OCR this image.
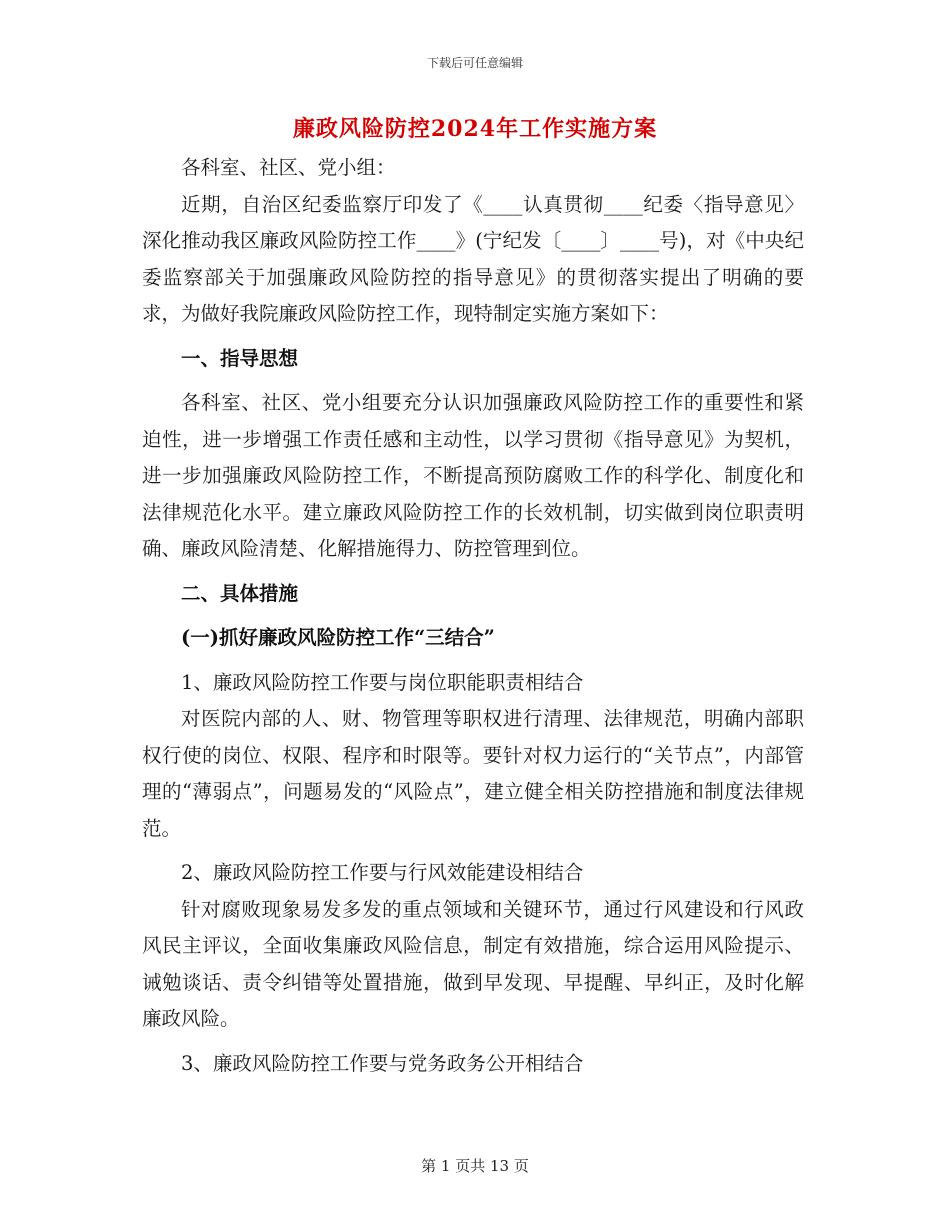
下载后可任意编辑
廉政风险防控2024年工作实施方案

各科室、社区、党小组：

近期，自治区纪委监察厅印发了《____认真贯彻____纪委〈指导意见〉深化推动我区廉政风险防控工作____》(宁纪发〔____〕____号)，对《中央纪委监察部关于加强廉政风险防控的指导意见》的贯彻落实提出了明确的要求，为做好我院廉政风险防控工作，现特制定实施方案如下：

一、指导思想

各科室、社区、党小组要充分认识加强廉政风险防控工作的重要性和紧迫性，进一步增强工作责任感和主动性，以学习贯彻《指导意见》为契机，进一步加强廉政风险防控工作，不断提高预防腐败工作的科学化、制度化和法律规范化水平。建立廉政风险防控工作的长效机制，切实做到岗位职责明确、廉政风险清楚、化解措施得力、防控管理到位。

二、具体措施

(一)抓好廉政风险防控工作“三结合”

1、廉政风险防控工作要与岗位职能职责相结合

对医院内部的人、财、物管理等职权进行清理、法律规范，明确内部职权行使的岗位、权限、程序和时限等。要针对权力运行的“关节点”，内部管理的“薄弱点”，问题易发的“风险点”，建立健全相关防控措施和制度法律规范。

2、廉政风险防控工作要与行风效能建设相结合

针对腐败现象易发多发的重点领域和关键环节，通过行风建设和行风政风民主评议，全面收集廉政风险信息，制定有效措施，综合运用风险提示、诫勉谈话、责令纠错等处置措施，做到早发现、早提醒、早纠正，及时化解廉政风险。

3、廉政风险防控工作要与党务政务公开相结合

第 1 页共 13 页
